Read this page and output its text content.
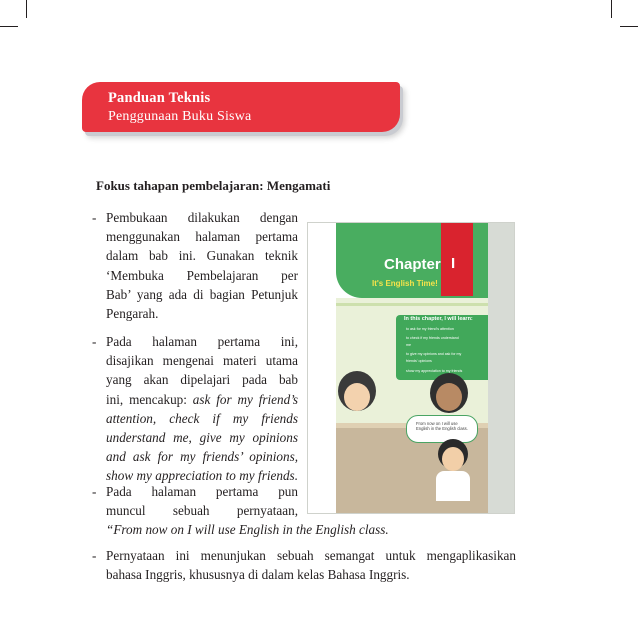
Panduan Teknis
Penggunaan Buku Siswa
Fokus tahapan pembelajaran: Mengamati
- Pembukaan dilakukan dengan
menggunakan halaman pertama
dalam bab ini. Gunakan teknik
‘Membuka Pembelajaran per
Bab’ yang ada di bagian Petunjuk
Pengarah.
- Pada halaman pertama ini,
disajikan mengenai materi utama
yang akan dipelajari pada bab
ini, mencakup: ask for my friend’s
attention, check if my friends
understand me, give my opinions
and ask for my friends’ opinions,
show my appreciation to my friends.
- Pada halaman pertama pun
muncul sebuah pernyataan,
“From now on I will use English in the English class.
- Pernyataan ini menunjukan sebuah semangat untuk mengaplikasikan
bahasa Inggris, khususnya di dalam kelas Bahasa Inggris.
Chapter I
It's English Time!
In this chapter, I will learn:
to ask for my friend's attention
to check if my friends understand
me
to give my opinions and ask for my
friends' opinions
show my appreciation to my friends
From now on I will use
English in the English class.
